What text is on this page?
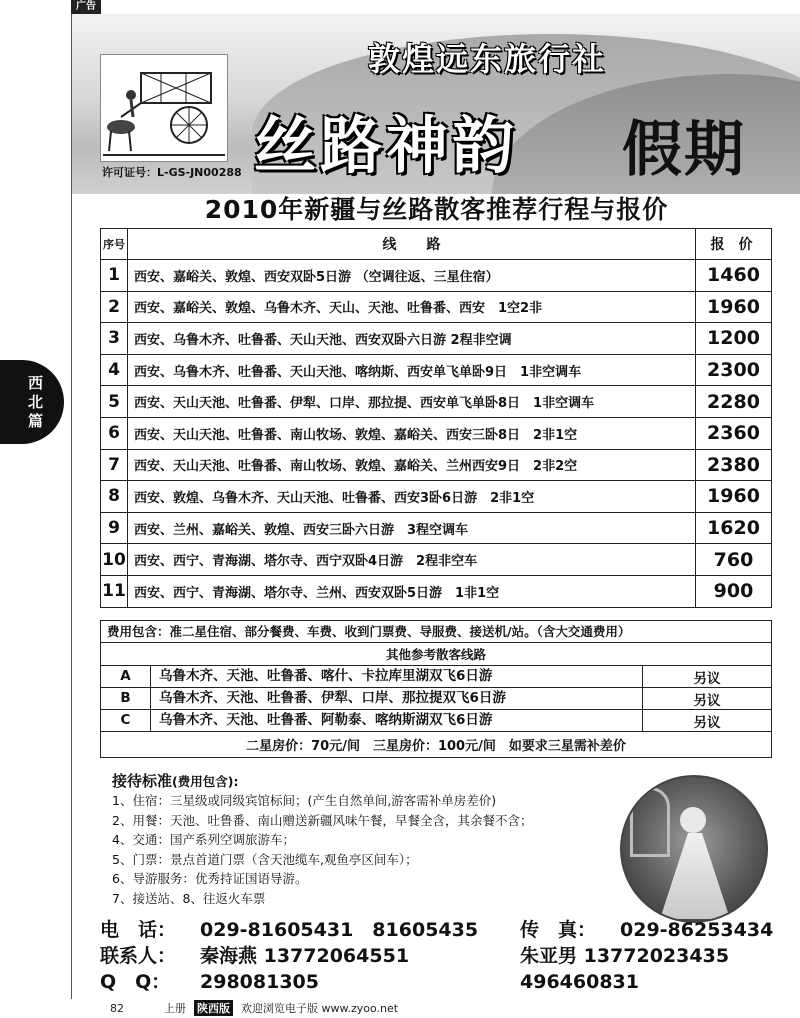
广告
敦煌远东旅行社
许可证号：L-GS-JN00288 丝路神韵 假期
2010年新疆与丝路散客推荐行程与报价
西北篇
序号	线路	报价
1	西安、嘉峪关、敦煌、西安双卧5日游 （空调往返、三星住宿）	1460
2	西安、嘉峪关、敦煌、乌鲁木齐、天山、天池、吐鲁番、西安　1空2非	1960
3	西安、乌鲁木齐、吐鲁番、天山天池、西安双卧六日游 2程非空调	1200
4	西安、乌鲁木齐、吐鲁番、天山天池、喀纳斯、西安单飞单卧9日　1非空调车	2300
5	西安、天山天池、吐鲁番、伊犁、口岸、那拉提、西安单飞单卧8日　1非空调车	2280
6	西安、天山天池、吐鲁番、南山牧场、敦煌、嘉峪关、西安三卧8日　2非1空	2360
7	西安、天山天池、吐鲁番、南山牧场、敦煌、嘉峪关、兰州西安9日　2非2空	2380
8	西安、敦煌、乌鲁木齐、天山天池、吐鲁番、西安3卧6日游　2非1空	1960
9	西安、兰州、嘉峪关、敦煌、西安三卧六日游　3程空调车	1620
10	西安、西宁、青海湖、塔尔寺、西宁双卧4日游　2程非空车	760
11	西安、西宁、青海湖、塔尔寺、兰州、西安双卧5日游　1非1空	900
费用包含：准二星住宿、部分餐费、车费、收到门票费、导服费、接送机/站。（含大交通费用）
其他参考散客线路
A	乌鲁木齐、天池、吐鲁番、喀什、卡拉库里湖双飞6日游	另议
B	乌鲁木齐、天池、吐鲁番、伊犁、口岸、那拉提双飞6日游	另议
C	乌鲁木齐、天池、吐鲁番、阿勒泰、喀纳斯湖双飞6日游	另议
二星房价：70元/间　三星房价：100元/间　如要求三星需补差价
接待标准(费用包含):
1、住宿：三星级或同级宾馆标间；(产生自然单间,游客需补单房差价)
2、用餐：天池、吐鲁番、南山赠送新疆风味午餐，早餐全含，其余餐不含；
4、交通：国产系列空调旅游车；
5、门票：景点首道门票（含天池缆车,观鱼亭区间车）；
6、导游服务：优秀持证国语导游。
7、接送站、8、往返火车票
电　话：	029-81605431　81605435	传　真：	029-86253434
联系人：	秦海燕 13772064551	朱亚男 13772023435
Q　Q：	298081305	496460831
82	上册 陕西版 欢迎浏览电子版 www.zyoo.net
